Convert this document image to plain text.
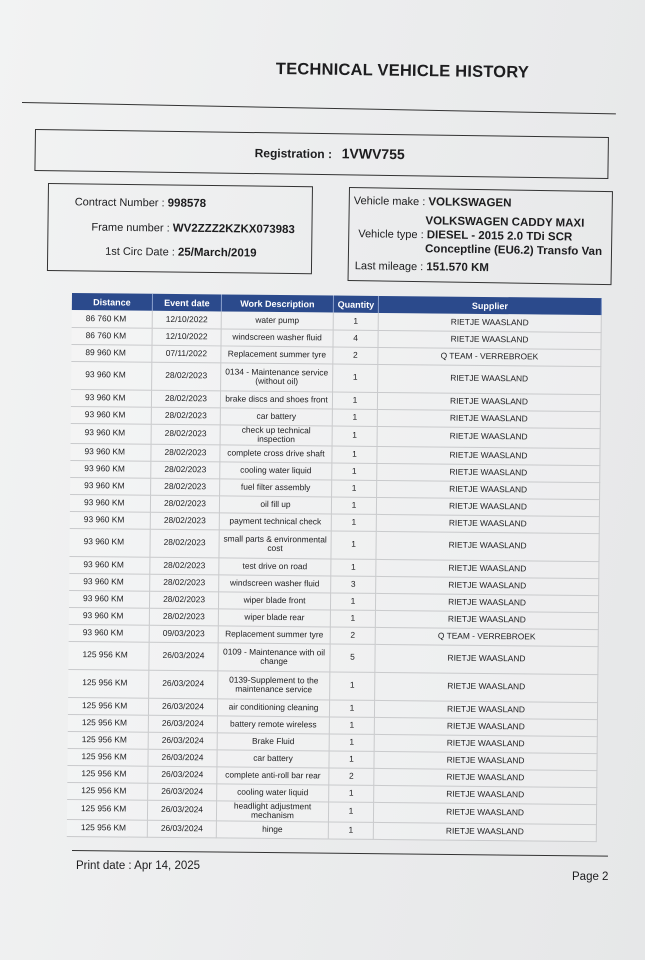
TECHNICAL VEHICLE HISTORY
Registration : 1VWV755
Contract Number : 998578
Frame number : WV2ZZZ2KZKX073983
1st Circ Date : 25/March/2019
Vehicle make : VOLKSWAGEN
VOLKSWAGEN CADDY MAXI
Vehicle type : DIESEL - 2015 2.0 TDi SCR
Conceptline (EU6.2) Transfo Van
Last mileage : 151.570 KM
Distance	Event date	Work Description	Quantity	Supplier
86 760 KM	12/10/2022	water pump	1	RIETJE WAASLAND
86 760 KM	12/10/2022	windscreen washer fluid	4	RIETJE WAASLAND
89 960 KM	07/11/2022	Replacement summer tyre	2	Q TEAM - VERREBROEK
93 960 KM	28/02/2023	0134 - Maintenance service (without oil)	1	RIETJE WAASLAND
93 960 KM	28/02/2023	brake discs and shoes front	1	RIETJE WAASLAND
93 960 KM	28/02/2023	car battery	1	RIETJE WAASLAND
93 960 KM	28/02/2023	check up technical inspection	1	RIETJE WAASLAND
93 960 KM	28/02/2023	complete cross drive shaft	1	RIETJE WAASLAND
93 960 KM	28/02/2023	cooling water liquid	1	RIETJE WAASLAND
93 960 KM	28/02/2023	fuel filter assembly	1	RIETJE WAASLAND
93 960 KM	28/02/2023	oil fill up	1	RIETJE WAASLAND
93 960 KM	28/02/2023	payment technical check	1	RIETJE WAASLAND
93 960 KM	28/02/2023	small parts & environmental cost	1	RIETJE WAASLAND
93 960 KM	28/02/2023	test drive on road	1	RIETJE WAASLAND
93 960 KM	28/02/2023	windscreen washer fluid	3	RIETJE WAASLAND
93 960 KM	28/02/2023	wiper blade front	1	RIETJE WAASLAND
93 960 KM	28/02/2023	wiper blade rear	1	RIETJE WAASLAND
93 960 KM	09/03/2023	Replacement summer tyre	2	Q TEAM - VERREBROEK
125 956 KM	26/03/2024	0109 - Maintenance with oil change	5	RIETJE WAASLAND
125 956 KM	26/03/2024	0139-Supplement to the maintenance service	1	RIETJE WAASLAND
125 956 KM	26/03/2024	air conditioning cleaning	1	RIETJE WAASLAND
125 956 KM	26/03/2024	battery remote wireless	1	RIETJE WAASLAND
125 956 KM	26/03/2024	Brake Fluid	1	RIETJE WAASLAND
125 956 KM	26/03/2024	car battery	1	RIETJE WAASLAND
125 956 KM	26/03/2024	complete anti-roll bar rear	2	RIETJE WAASLAND
125 956 KM	26/03/2024	cooling water liquid	1	RIETJE WAASLAND
125 956 KM	26/03/2024	headlight adjustment mechanism	1	RIETJE WAASLAND
125 956 KM	26/03/2024	hinge	1	RIETJE WAASLAND
Print date : Apr 14, 2025
Page 2
